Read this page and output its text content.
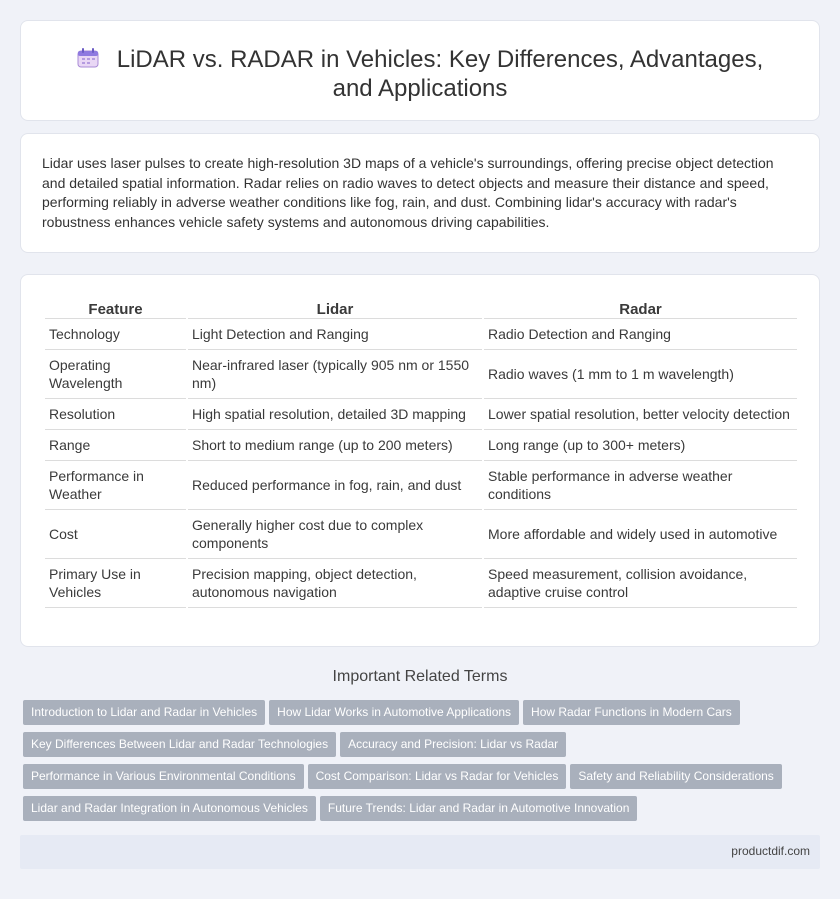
LiDAR vs. RADAR in Vehicles: Key Differences, Advantages, and Applications

Lidar uses laser pulses to create high-resolution 3D maps of a vehicle's surroundings, offering precise object detection and detailed spatial information. Radar relies on radio waves to detect objects and measure their distance and speed, performing reliably in adverse weather conditions like fog, rain, and dust. Combining lidar's accuracy with radar's robustness enhances vehicle safety systems and autonomous driving capabilities.

Feature	Lidar	Radar
Technology	Light Detection and Ranging	Radio Detection and Ranging
Operating Wavelength	Near-infrared laser (typically 905 nm or 1550 nm)	Radio waves (1 mm to 1 m wavelength)
Resolution	High spatial resolution, detailed 3D mapping	Lower spatial resolution, better velocity detection
Range	Short to medium range (up to 200 meters)	Long range (up to 300+ meters)
Performance in Weather	Reduced performance in fog, rain, and dust	Stable performance in adverse weather conditions
Cost	Generally higher cost due to complex components	More affordable and widely used in automotive
Primary Use in Vehicles	Precision mapping, object detection, autonomous navigation	Speed measurement, collision avoidance, adaptive cruise control
Important Related Terms
Introduction to Lidar and Radar in Vehicles How Lidar Works in Automotive Applications How Radar Functions in Modern Cars
Key Differences Between Lidar and Radar Technologies Accuracy and Precision: Lidar vs Radar
Performance in Various Environmental Conditions Cost Comparison: Lidar vs Radar for Vehicles Safety and Reliability Considerations
Lidar and Radar Integration in Autonomous Vehicles Future Trends: Lidar and Radar in Automotive Innovation
productdif.com
